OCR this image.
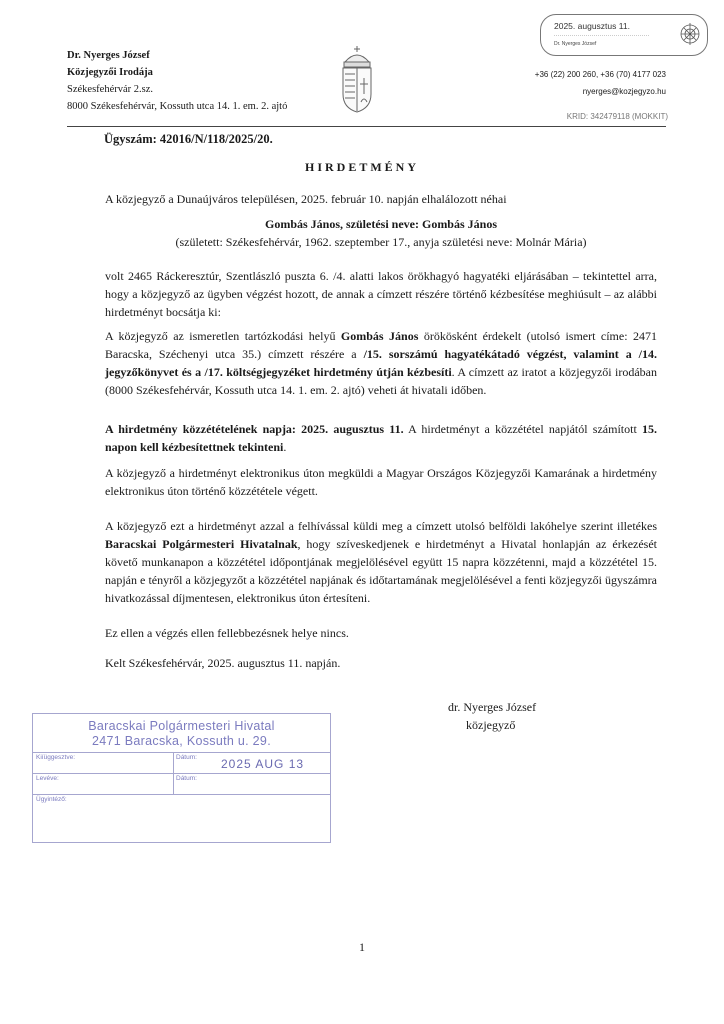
Dr. Nyerges József
Közjegyzői Irodája
Székesfehérvár 2.sz.
8000 Székesfehérvár, Kossuth utca 14. 1. em. 2. ajtó
2025. augusztus 11.
Dr. Nyerges József
+36 (22) 200 260, +36 (70) 4177 023
nyerges@kozjegyzo.hu
KRID: 342479118 (MOKKIT)
Ügyszám: 42016/N/118/2025/20.
HIRDETMÉNY
A közjegyző a Dunaújváros településen, 2025. február 10. napján elhalálozott néhai
Gombás János, születési neve: Gombás János
(született: Székesfehérvár, 1962. szeptember 17., anyja születési neve: Molnár Mária)
volt 2465 Ráckeresztúr, Szentlászló puszta 6. /4. alatti lakos örökhagyó hagyatéki eljárásában – tekintettel arra, hogy a közjegyző az ügyben végzést hozott, de annak a címzett részére történő kézbesítése meghiúsult – az alábbi hirdetményt bocsátja ki:
A közjegyző az ismeretlen tartózkodási helyű Gombás János örökösként érdekelt (utolsó ismert címe: 2471 Baracska, Széchenyi utca 35.) címzett részére a /15. sorszámú hagyatékátadó végzést, valamint a /14. jegyzőkönyvet és a /17. költségjegyzéket hirdetmény útján kézbesíti. A címzett az iratot a közjegyzői irodában (8000 Székesfehérvár, Kossuth utca 14. 1. em. 2. ajtó) veheti át hivatali időben.
A hirdetmény közzétételének napja: 2025. augusztus 11. A hirdetményt a közzététel napjától számított 15. napon kell kézbesítettnek tekinteni.
A közjegyző a hirdetményt elektronikus úton megküldi a Magyar Országos Közjegyzői Kamarának a hirdetmény elektronikus úton történő közzététele végett.
A közjegyző ezt a hirdetményt azzal a felhívással küldi meg a címzett utolsó belföldi lakóhelye szerint illetékes Baracskai Polgármesteri Hivatalnak, hogy szíveskedjenek e hirdetményt a Hivatal honlapján az érkezését követő munkanapon a közzététel időpontjának megjelölésével együtt 15 napra közzétenni, majd a közzététel 15. napján e tényről a közjegyzőt a közzététel napjának és időtartamának megjelölésével a fenti közjegyzői ügyszámra hivatkozással díjmentesen, elektronikus úton értesíteni.
Ez ellen a végzés ellen fellebbezésnek helye nincs.
Kelt Székesfehérvár, 2025. augusztus 11. napján.
dr. Nyerges József
közjegyző
Baracskai Polgármesteri Hivatal
2471 Baracska, Kossuth u. 29.
Kiíüggesztve:	Dátum: 2025 AUG 13
Levéve:	Dátum:
Ügyintéző:
1
